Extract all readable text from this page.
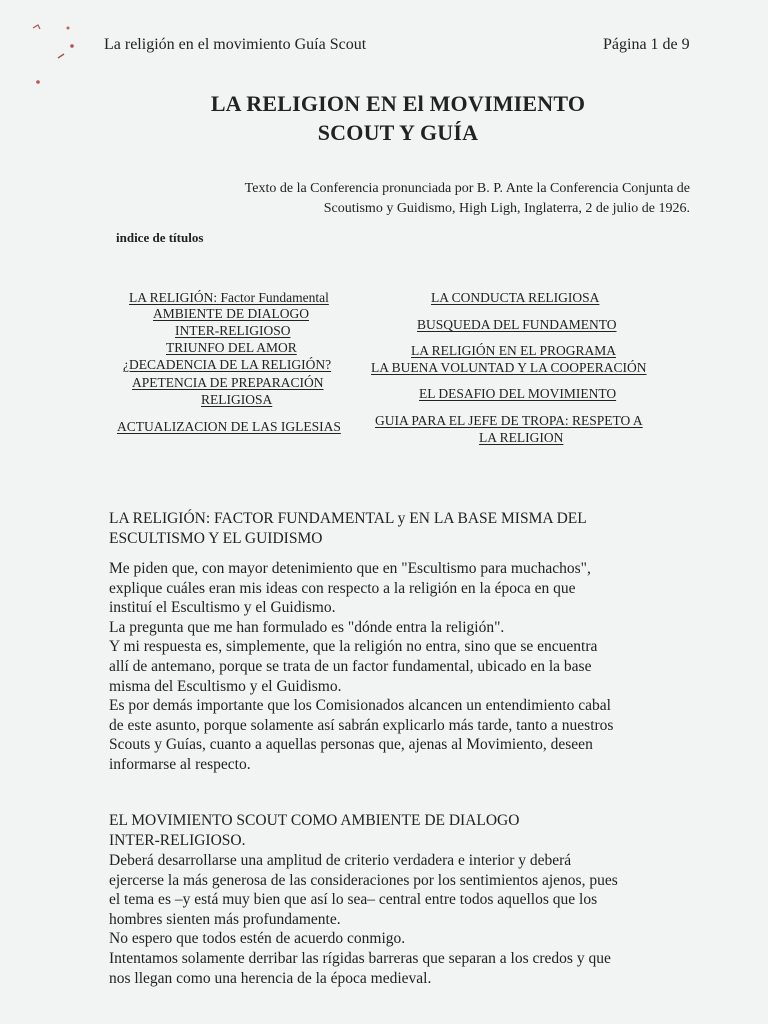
La religión en el movimiento Guía Scout	Página 1 de 9
LA RELIGION EN El MOVIMIENTO
SCOUT Y GUÍA
Texto de la Conferencia pronunciada por B. P. Ante la Conferencia Conjunta de
Scoutismo y Guidismo, High Ligh, Inglaterra, 2 de julio de 1926.
indice de títulos
LA RELIGIÓN: Factor Fundamental
AMBIENTE DE DIALOGO
INTER-RELIGIOSO
TRIUNFO DEL AMOR
¿DECADENCIA DE LA RELIGIÓN?
APETENCIA DE PREPARACIÓN
RELIGIOSA
ACTUALIZACION DE LAS IGLESIAS
LA CONDUCTA RELIGIOSA
BUSQUEDA DEL FUNDAMENTO
LA RELIGIÓN EN EL PROGRAMA
LA BUENA VOLUNTAD Y LA COOPERACIÓN
EL DESAFIO DEL MOVIMIENTO
GUIA PARA EL JEFE DE TROPA: RESPETO A
LA RELIGION
LA RELIGIÓN: FACTOR FUNDAMENTAL y EN LA BASE MISMA DEL
ESCULTISMO Y EL GUIDISMO

Me piden que, con mayor detenimiento que en "Escultismo para muchachos",

explique cuáles eran mis ideas con respecto a la religión en la época en que

instituí el Escultismo y el Guidismo.

La pregunta que me han formulado es "dónde entra la religión".

Y mi respuesta es, simplemente, que la religión no entra, sino que se encuentra

allí de antemano, porque se trata de un factor fundamental, ubicado en la base

misma del Escultismo y el Guidismo.

Es por demás importante que los Comisionados alcancen un entendimiento cabal

de este asunto, porque solamente así sabrán explicarlo más tarde, tanto a nuestros

Scouts y Guías, cuanto a aquellas personas que, ajenas al Movimiento, deseen

informarse al respecto.

EL MOVIMIENTO SCOUT COMO AMBIENTE DE DIALOGO
INTER-RELIGIOSO.

Deberá desarrollarse una amplitud de criterio verdadera e interior y deberá

ejercerse la más generosa de las consideraciones por los sentimientos ajenos, pues

el tema es –y está muy bien que así lo sea– central entre todos aquellos que los

hombres sienten más profundamente.

No espero que todos estén de acuerdo conmigo.

Intentamos solamente derribar las rígidas barreras que separan a los credos y que

nos llegan como una herencia de la época medieval.
